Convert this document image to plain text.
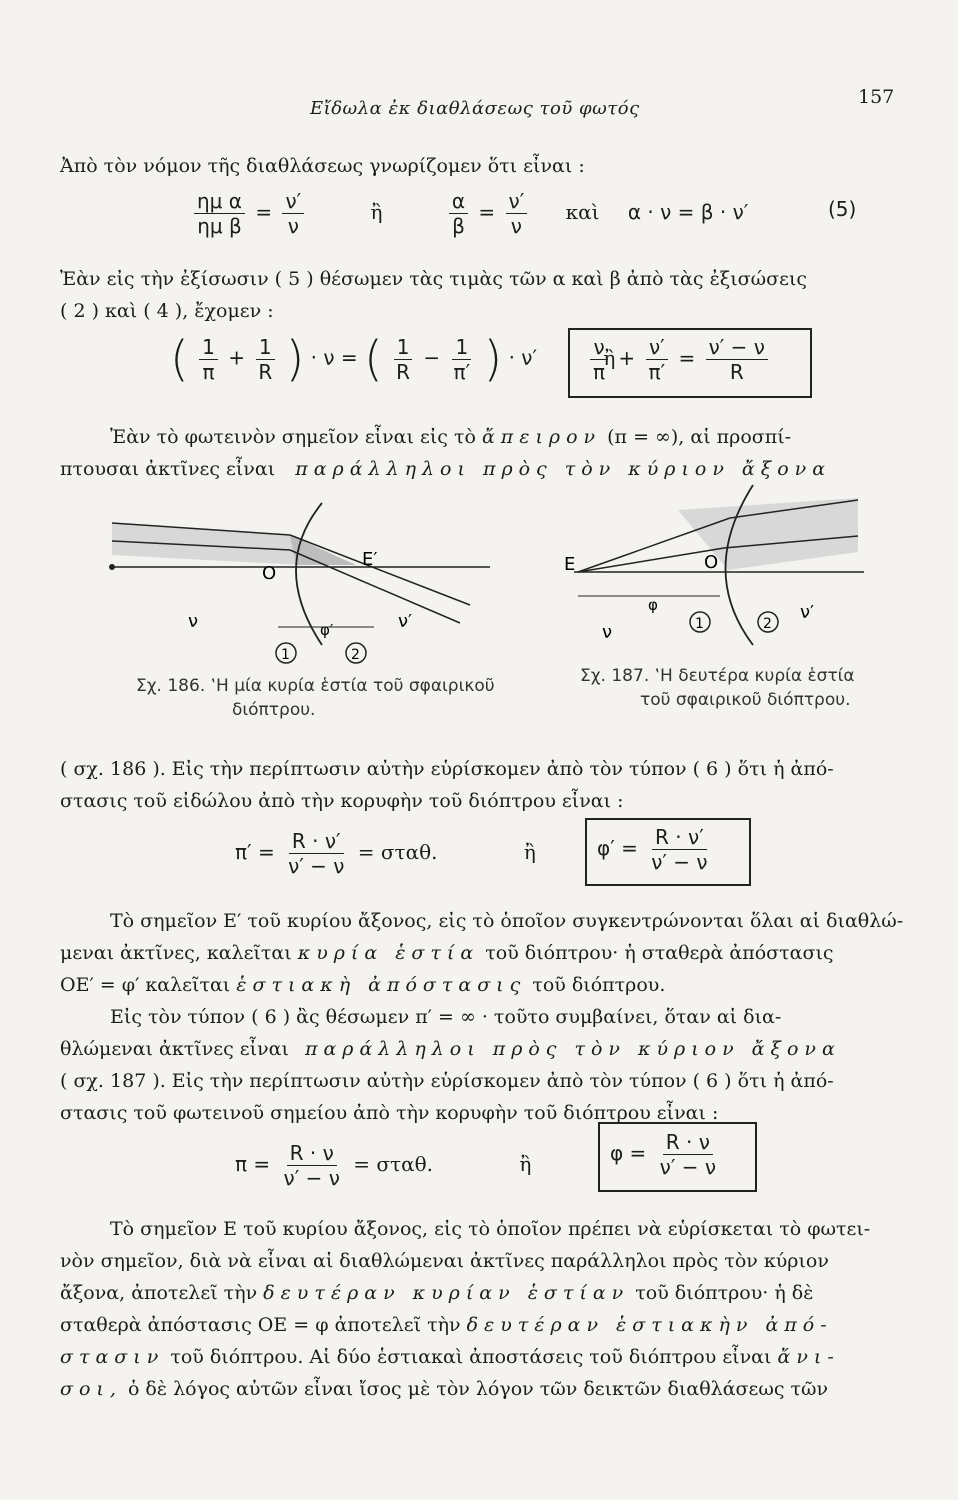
Εἴδωλα ἐκ διαθλάσεως τοῦ φωτός
157
Ἀπὸ τὸν νόμον τῆς διαθλάσεως γνωρίζομεν ὅτι εἶναι :
$\frac{\text{ημ α}}{\text{ημ β}} = \frac{\nu'}{\nu}$	ἢ	$\frac{\alpha}{\beta} = \frac{\nu'}{\nu}$ καὶ α · ν = β · ν′	(5)
Ἐὰν εἰς τὴν ἐξίσωσιν ( 5 ) θέσωμεν τὰς τιμὰς τῶν α καὶ β ἀπὸ τὰς ἐξισώσεις
( 2 ) καὶ ( 4 ), ἔχομεν :
( $\frac{1}{\pi} + \frac{1}{R}$ ) · ν = ( $\frac{1}{R} - \frac{1}{\pi'}$ ) · ν′	ἢ
$\frac{\nu}{\pi} + \frac{\nu'}{\pi'} = \frac{\nu' - \nu}{R}$
Ἐὰν τὸ φωτεινὸν σημεῖον εἶναι εἰς τὸ ἄπειρον (π = ∞), αἱ προσπί-
πτουσαι ἀκτῖνες εἶναι παράλληλοι πρὸς τὸν κύριον ἄξονα
O
E′
ν	ν′
φ′
1	2
Σχ. 186. ‛Η μία κυρία ἑστία τοῦ σφαιρικοῦ
διόπτρου.
E	O
φ
ν
ν′
1	2
Σχ. 187. ‛Η δευτέρα κυρία ἑστία
τοῦ σφαιρικοῦ διόπτρου.
( σχ. 186 ). Εἰς τὴν περίπτωσιν αὐτὴν εὑρίσκομεν ἀπὸ τὸν τύπον ( 6 ) ὅτι ἡ ἀπό-
στασις τοῦ εἰδώλου ἀπὸ τὴν κορυφὴν τοῦ διόπτρου εἶναι :
$\pi' = \frac{R \cdot \nu'}{\nu' - \nu} = \sigma\tau\alpha\theta$.	ἢ	$\varphi' = \frac{R \cdot \nu'}{\nu' - \nu}$
Τὸ σημεῖον Ε′ τοῦ κυρίου ἄξονος, εἰς τὸ ὁποῖον συγκεντρώνονται ὅλαι αἱ διαθλώ-
μεναι ἀκτῖνες, καλεῖται κυρία ἑστία τοῦ διόπτρου· ἡ σταθερὰ ἀπόστασις
ΟΕ′ = φ′ καλεῖται ἑστιακὴ ἀπόστασις τοῦ διόπτρου.
Εἰς τὸν τύπον ( 6 ) ἂς θέσωμεν π′ = ∞ · τοῦτο συμβαίνει, ὅταν αἱ δια-
θλώμεναι ἀκτῖνες εἶναι παράλληλοι πρὸς τὸν κύριον ἄξονα
( σχ. 187 ). Εἰς τὴν περίπτωσιν αὐτὴν εὑρίσκομεν ἀπὸ τὸν τύπον ( 6 ) ὅτι ἡ ἀπό-
στασις τοῦ φωτεινοῦ σημείου ἀπὸ τὴν κορυφὴν τοῦ διόπτρου εἶναι :
$\pi = \frac{R \cdot \nu}{\nu' - \nu} = \sigma\tau\alpha\theta$.	ἢ	$\varphi = \frac{R \cdot \nu}{\nu' - \nu}$
Τὸ σημεῖον Ε τοῦ κυρίου ἄξονος, εἰς τὸ ὁποῖον πρέπει νὰ εὑρίσκεται τὸ φωτει-
νὸν σημεῖον, διὰ νὰ εἶναι αἱ διαθλώμεναι ἀκτῖνες παράλληλοι πρὸς τὸν κύριον
ἄξονα, ἀποτελεῖ τὴν δευτέραν κυρίαν ἑστίαν τοῦ διόπτρου· ἡ δὲ
σταθερὰ ἀπόστασις ΟΕ = φ ἀποτελεῖ τὴν δευτέραν ἑστιακὴν ἀπό-
στασιν τοῦ διόπτρου. Αἱ δύο ἑστιακαὶ ἀποστάσεις τοῦ διόπτρου εἶναι ἄνι-
σοι, ὁ δὲ λόγος αὐτῶν εἶναι ἴσος μὲ τὸν λόγον τῶν δεικτῶν διαθλάσεως τῶν
